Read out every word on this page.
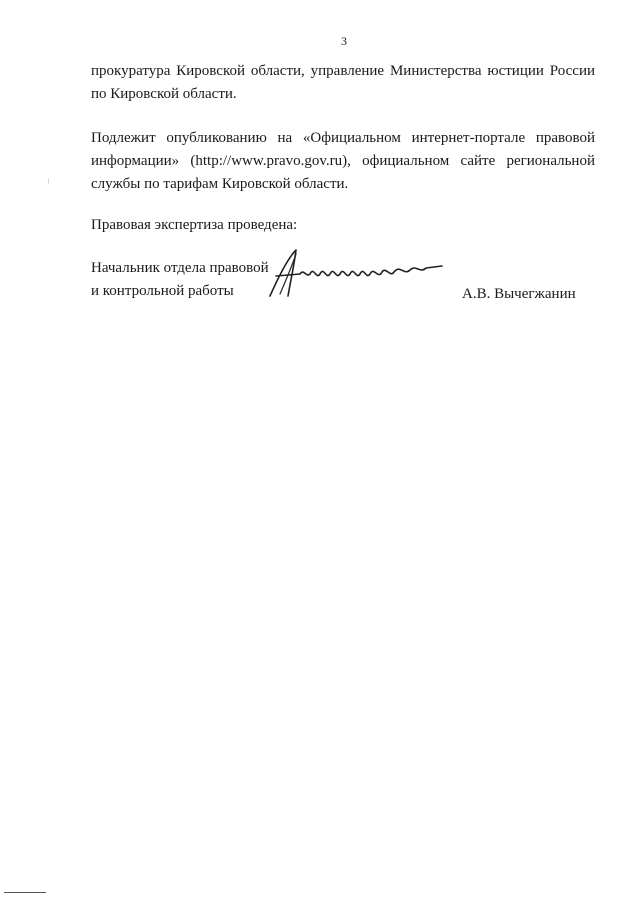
3

прокуратура Кировской области, управление Министерства юстиции России
по Кировской области.

Подлежит опубликованию на «Официальном интернет-портале правовой
информации» (http://www.pravo.gov.ru), официальном сайте региональной
службы по тарифам Кировской области.

Правовая экспертиза проведена:

Начальник отдела правовой
и контрольной работы	А.В. Вычегжанин
